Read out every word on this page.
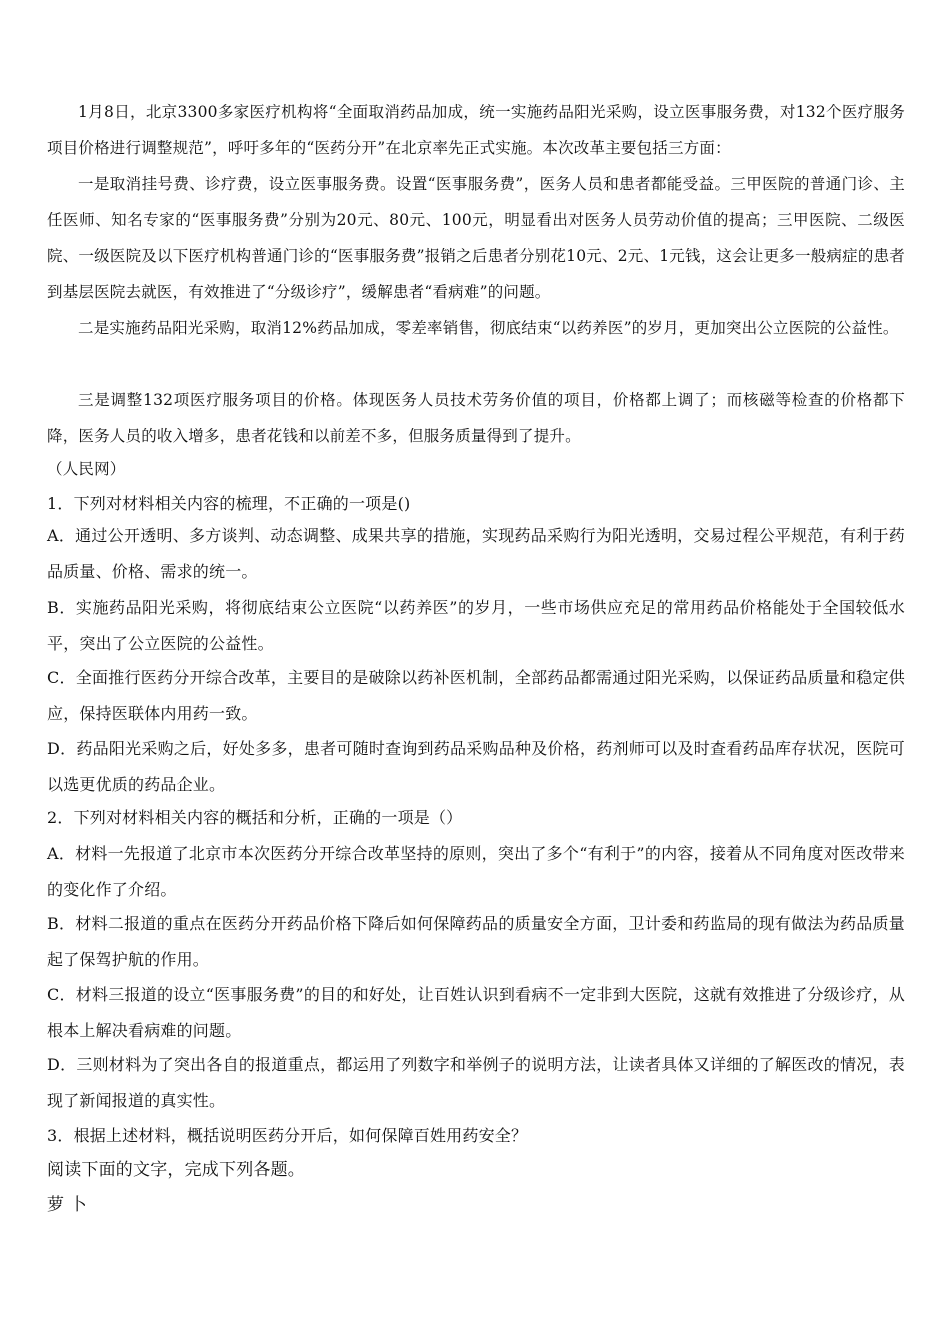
1月8日，北京3300多家医疗机构将“全面取消药品加成，统一实施药品阳光采购，设立医事服务费，对132个医疗服务项目价格进行调整规范”，呼吁多年的“医药分开”在北京率先正式实施。本次改革主要包括三方面：

一是取消挂号费、诊疗费，设立医事服务费。设置“医事服务费”，医务人员和患者都能受益。三甲医院的普通门诊、主任医师、知名专家的“医事服务费”分别为20元、80元、100元，明显看出对医务人员劳动价值的提高；三甲医院、二级医院、一级医院及以下医疗机构普通门诊的“医事服务费”报销之后患者分别花10元、2元、1元钱，这会让更多一般病症的患者到基层医院去就医，有效推进了“分级诊疗”，缓解患者“看病难”的问题。

二是实施药品阳光采购，取消12%药品加成，零差率销售，彻底结束“以药养医”的岁月，更加突出公立医院的公益性。

三是调整132项医疗服务项目的价格。体现医务人员技术劳务价值的项目，价格都上调了；而核磁等检查的价格都下降，医务人员的收入增多，患者花钱和以前差不多，但服务质量得到了提升。

（人民网）

1．下列对材料相关内容的梳理，不正确的一项是()

A．通过公开透明、多方谈判、动态调整、成果共享的措施，实现药品采购行为阳光透明，交易过程公平规范，有利于药品质量、价格、需求的统一。

B．实施药品阳光采购，将彻底结束公立医院“以药养医”的岁月，一些市场供应充足的常用药品价格能处于全国较低水平，突出了公立医院的公益性。

C．全面推行医药分开综合改革，主要目的是破除以药补医机制，全部药品都需通过阳光采购，以保证药品质量和稳定供应，保持医联体内用药一致。

D．药品阳光采购之后，好处多多，患者可随时查询到药品采购品种及价格，药剂师可以及时查看药品库存状况，医院可以选更优质的药品企业。

2．下列对材料相关内容的概括和分析，正确的一项是（）

A．材料一先报道了北京市本次医药分开综合改革坚持的原则，突出了多个“有利于”的内容，接着从不同角度对医改带来的变化作了介绍。

B．材料二报道的重点在医药分开药品价格下降后如何保障药品的质量安全方面，卫计委和药监局的现有做法为药品质量起了保驾护航的作用。

C．材料三报道的设立“医事服务费”的目的和好处，让百姓认识到看病不一定非到大医院，这就有效推进了分级诊疗，从根本上解决看病难的问题。

D．三则材料为了突出各自的报道重点，都运用了列数字和举例子的说明方法，让读者具体又详细的了解医改的情况，表现了新闻报道的真实性。

3．根据上述材料，概括说明医药分开后，如何保障百姓用药安全？

阅读下面的文字，完成下列各题。

萝 卜
